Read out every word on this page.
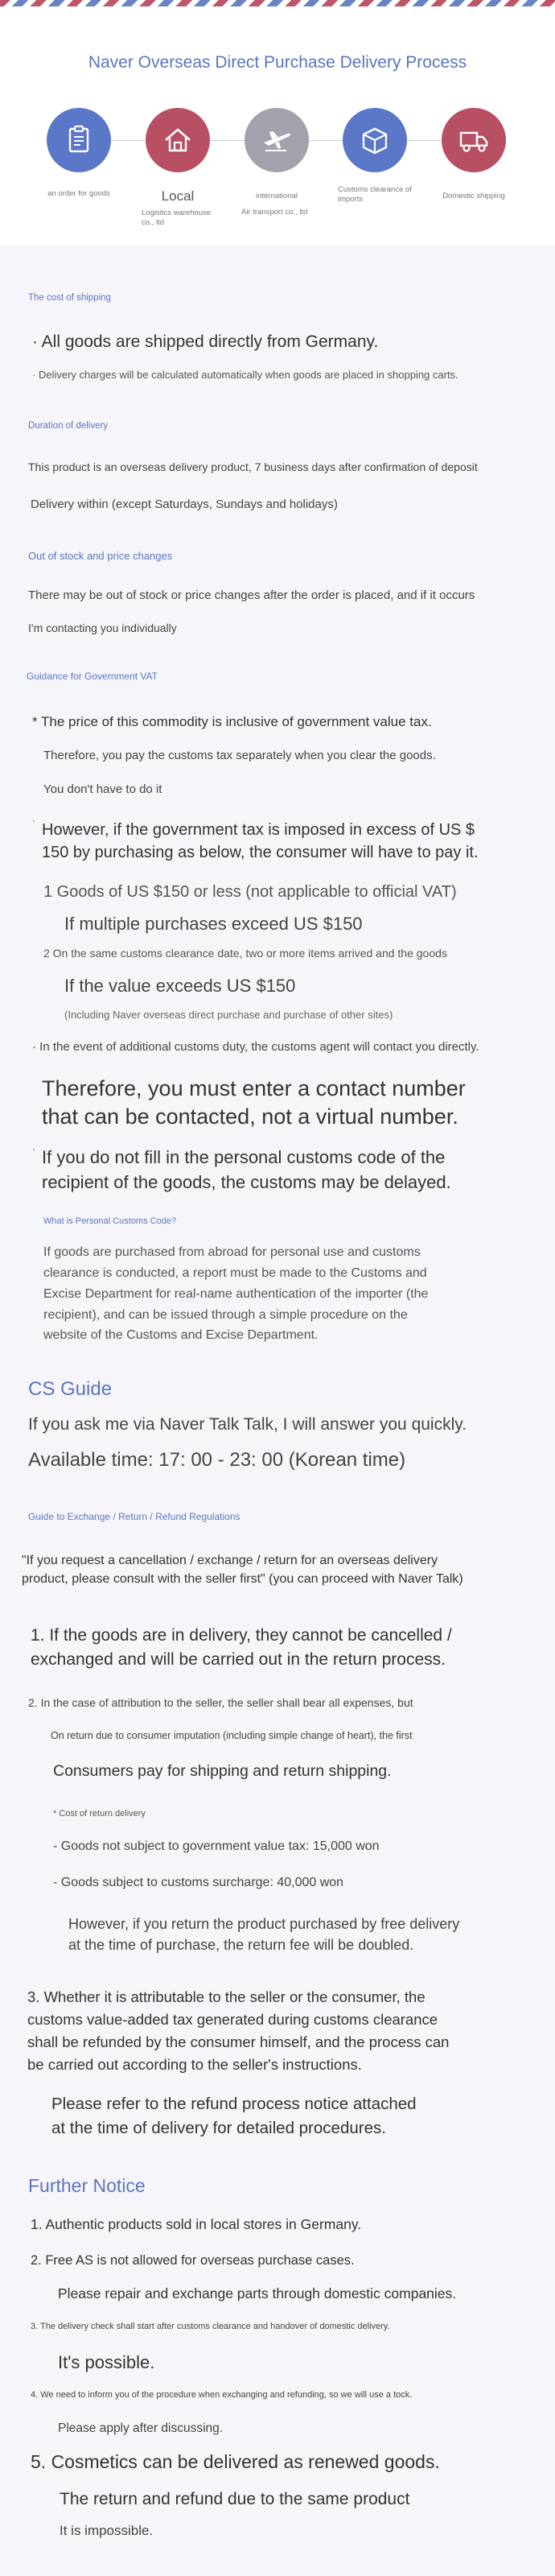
Naver Overseas Direct Purchase Delivery Process
an order for goods	Local
Logistics warehouse co., ltd
international
Air transport co., ltd
Customs clearance of imports	Domestic shipping
The cost of shipping
· All goods are shipped directly from Germany.
· Delivery charges will be calculated automatically when goods are placed in shopping carts.
Duration of delivery
This product is an overseas delivery product, 7 business days after confirmation of deposit
Delivery within (except Saturdays, Sundays and holidays)
Out of stock and price changes
There may be out of stock or price changes after the order is placed, and if it occurs
I'm contacting you individually
Guidance for Government VAT
* The price of this commodity is inclusive of government value tax.
Therefore, you pay the customs tax separately when you clear the goods.
You don't have to do it
·
However, if the government tax is imposed in excess of US $
150 by purchasing as below, the consumer will have to pay it.
1 Goods of US $150 or less (not applicable to official VAT)
If multiple purchases exceed US $150
2 On the same customs clearance date, two or more items arrived and the goods
If the value exceeds US $150
(Including Naver overseas direct purchase and purchase of other sites)
· In the event of additional customs duty, the customs agent will contact you directly.
Therefore, you must enter a contact number
that can be contacted, not a virtual number.
· If you do not fill in the personal customs code of the
recipient of the goods, the customs may be delayed.
What is Personal Customs Code?
If goods are purchased from abroad for personal use and customs
clearance is conducted, a report must be made to the Customs and
Excise Department for real-name authentication of the importer (the
recipient), and can be issued through a simple procedure on the
website of the Customs and Excise Department.
CS Guide
If you ask me via Naver Talk Talk, I will answer you quickly.
Available time: 17: 00 - 23: 00 (Korean time)
Guide to Exchange / Return / Refund Regulations
"If you request a cancellation / exchange / return for an overseas delivery
product, please consult with the seller first" (you can proceed with Naver Talk)
1. If the goods are in delivery, they cannot be cancelled /
exchanged and will be carried out in the return process.
2. In the case of attribution to the seller, the seller shall bear all expenses, but
On return due to consumer imputation (including simple change of heart), the first
Consumers pay for shipping and return shipping.
* Cost of return delivery
- Goods not subject to government value tax: 15,000 won
- Goods subject to customs surcharge: 40,000 won
However, if you return the product purchased by free delivery
at the time of purchase, the return fee will be doubled.
3. Whether it is attributable to the seller or the consumer, the
customs value-added tax generated during customs clearance
shall be refunded by the consumer himself, and the process can
be carried out according to the seller's instructions.
Please refer to the refund process notice attached
at the time of delivery for detailed procedures.
Further Notice
1. Authentic products sold in local stores in Germany.
2. Free AS is not allowed for overseas purchase cases.
Please repair and exchange parts through domestic companies.
3. The delivery check shall start after customs clearance and handover of domestic delivery.
It's possible.
4. We need to inform you of the procedure when exchanging and refunding, so we will use a tock.
Please apply after discussing.
5. Cosmetics can be delivered as renewed goods.
The return and refund due to the same product
It is impossible.
